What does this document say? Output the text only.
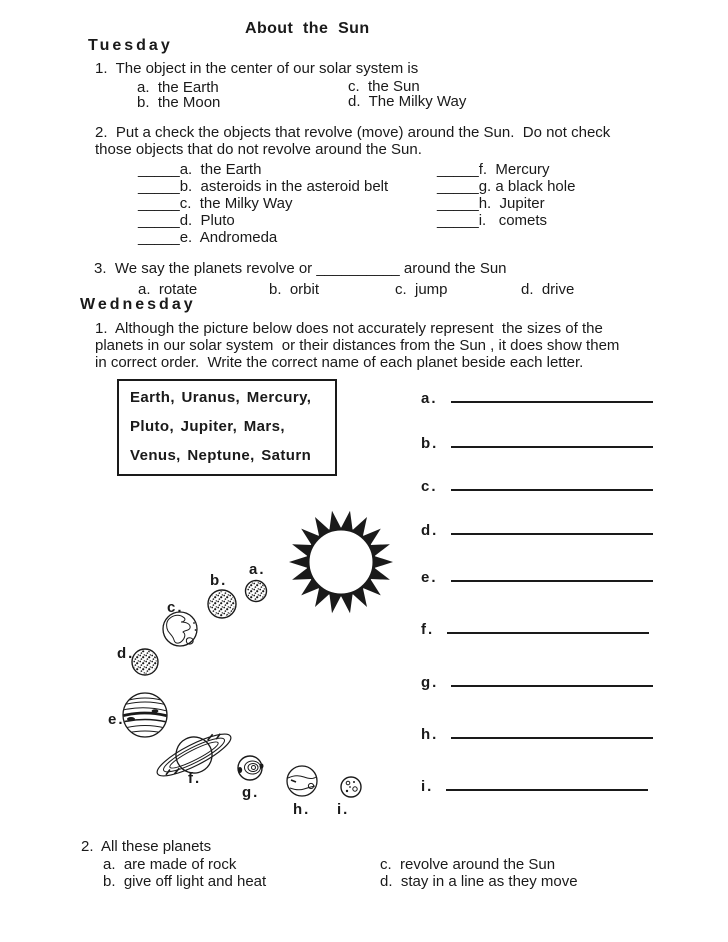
About the Sun
Tuesday
1.  The object in the center of our solar system is
a.  the Earth
b.  the Moon
c.  the Sun
d.  The Milky Way
2.  Put a check the objects that revolve (move) around the Sun.  Do not check
those objects that do not revolve around the Sun.
_____a.  the Earth
_____b.  asteroids in the asteroid belt
_____c.  the Milky Way
_____d.  Pluto
_____e.  Andromeda
_____f.  Mercury
_____g. a black hole
_____h.  Jupiter
_____i.   comets
3.  We say the planets revolve or __________ around the Sun
a.  rotate	b.  orbit	c.  jump	d.  drive
Wednesday
1.  Although the picture below does not accurately represent  the sizes of the
planets in our solar system  or their distances from the Sun , it does show them
in correct order.  Write the correct name of each planet beside each letter.
Earth, Uranus, Mercury,
Pluto, Jupiter, Mars,
Venus, Neptune, Saturn
a.
b.
c.
d.
e.
f.
g.
h.
i.
a.
b.
c.
d.
e.
f.
g.
h. i.
2.  All these planets
a.  are made of rock
b.  give off light and heat
c.  revolve around the Sun
d.  stay in a line as they move
